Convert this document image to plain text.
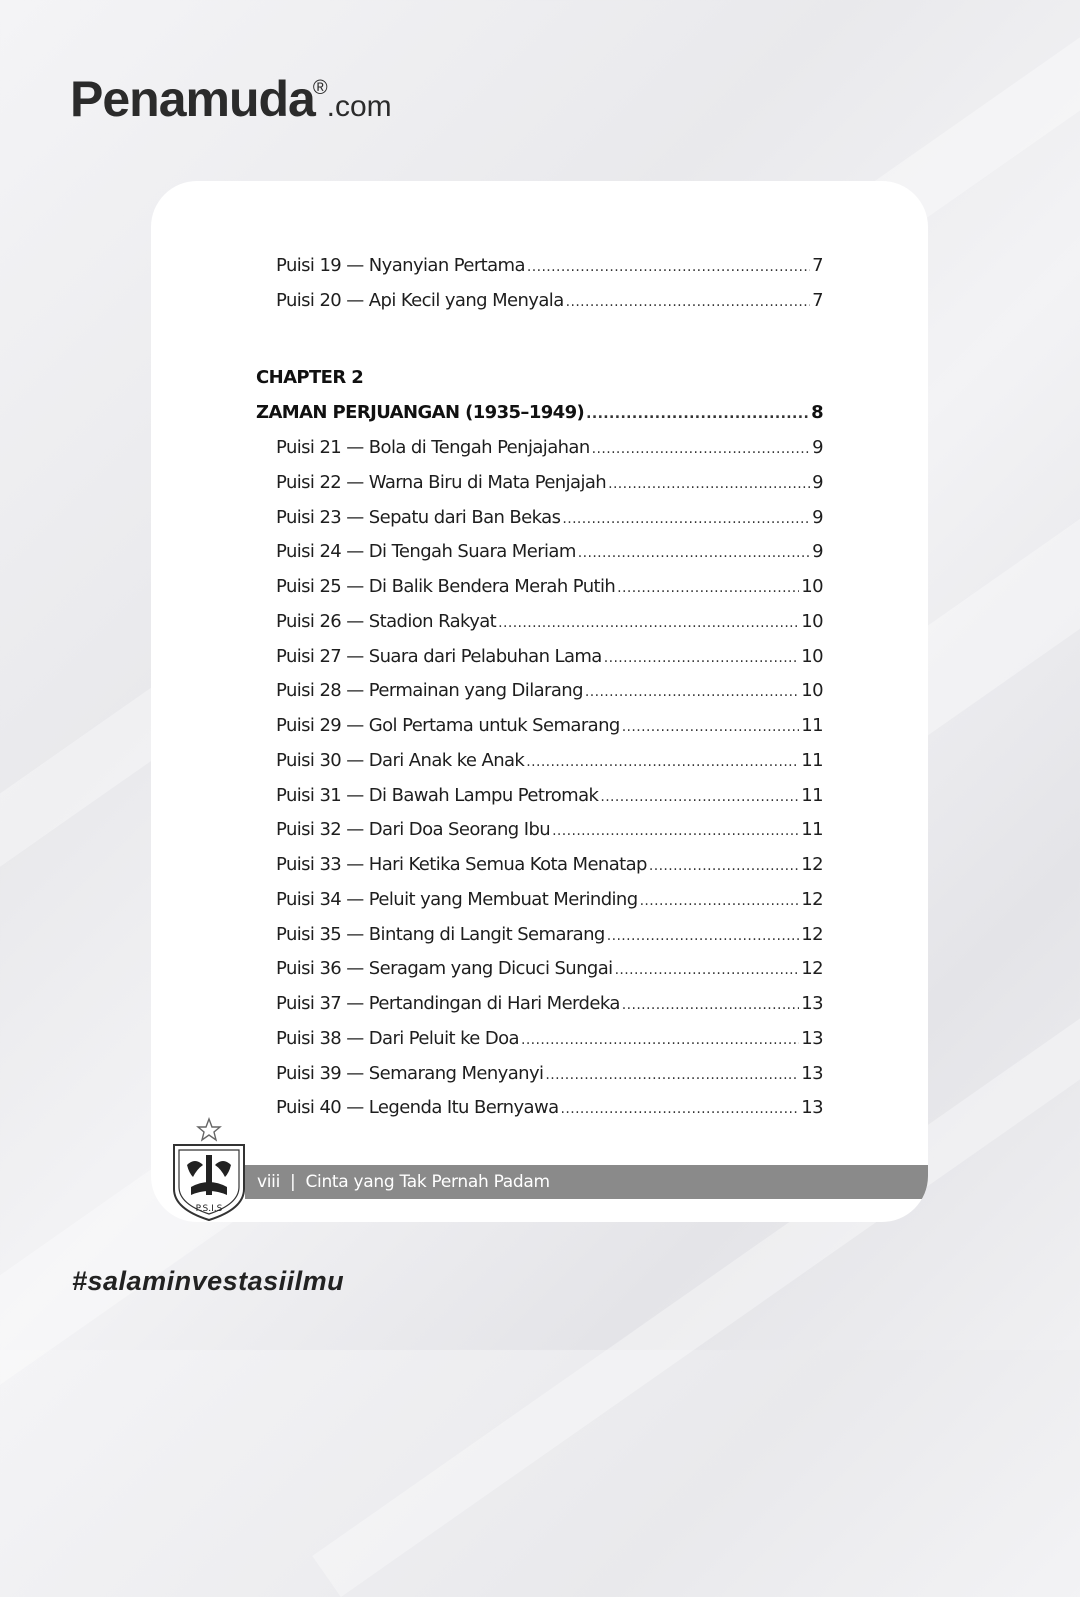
Penamuda®.com
Puisi 19 — Nyanyian Pertama .....	7
Puisi 20 — Api Kecil yang Menyala .....	7
CHAPTER 2
ZAMAN PERJUANGAN (1935–1949) .....	8
Puisi 21 — Bola di Tengah Penjajahan .....	9
Puisi 22 — Warna Biru di Mata Penjajah .....	9
Puisi 23 — Sepatu dari Ban Bekas .....	9
Puisi 24 — Di Tengah Suara Meriam .....	9
Puisi 25 — Di Balik Bendera Merah Putih .....	10
Puisi 26 — Stadion Rakyat .....	10
Puisi 27 — Suara dari Pelabuhan Lama .....	10
Puisi 28 — Permainan yang Dilarang .....	10
Puisi 29 — Gol Pertama untuk Semarang .....	11
Puisi 30 — Dari Anak ke Anak .....	11
Puisi 31 — Di Bawah Lampu Petromak .....	11
Puisi 32 — Dari Doa Seorang Ibu .....	11
Puisi 33 — Hari Ketika Semua Kota Menatap .....	12
Puisi 34 — Peluit yang Membuat Merinding .....	12
Puisi 35 — Bintang di Langit Semarang .....	12
Puisi 36 — Seragam yang Dicuci Sungai .....	12
Puisi 37 — Pertandingan di Hari Merdeka .....	13
Puisi 38 — Dari Peluit ke Doa .....	13
Puisi 39 — Semarang Menyanyi .....	13
Puisi 40 — Legenda Itu Bernyawa .....	13
viii | Cinta yang Tak Pernah Padam
P.S.I.S
#salaminvestasiilmu
